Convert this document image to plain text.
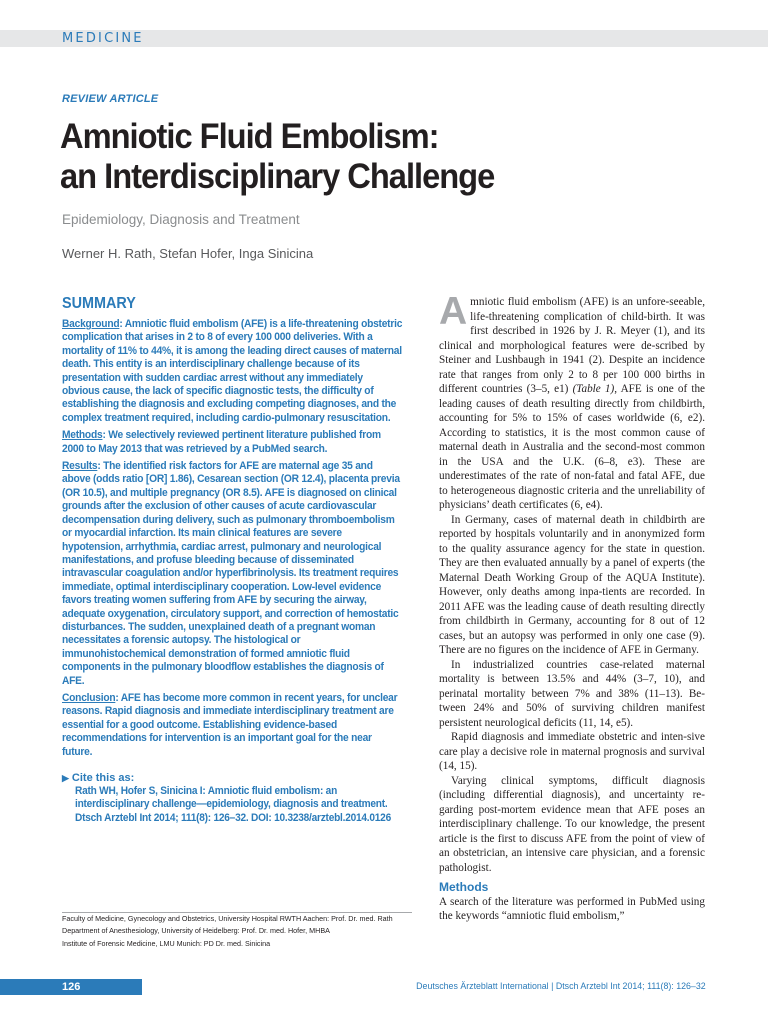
MEDICINE
REVIEW ARTICLE
Amniotic Fluid Embolism:
an Interdisciplinary Challenge
Epidemiology, Diagnosis and Treatment
Werner H. Rath, Stefan Hofer, Inga Sinicina
SUMMARY

Background: Amniotic fluid embolism (AFE) is a life-threatening obstetric complication that arises in 2 to 8 of every 100 000 deliveries. With a mortality of 11% to 44%, it is among the leading direct causes of maternal death. This entity is an interdisciplinary challenge because of its presentation with sudden cardiac arrest without any immediately obvious cause, the lack of specific diagnostic tests, the difficulty of establishing the diagnosis and excluding competing diagnoses, and the complex treatment required, including cardio-pulmonary resuscitation.

Methods: We selectively reviewed pertinent literature published from 2000 to May 2013 that was retrieved by a PubMed search.

Results: The identified risk factors for AFE are maternal age 35 and above (odds ratio [OR] 1.86), Cesarean section (OR 12.4), placenta previa (OR 10.5), and multiple pregnancy (OR 8.5). AFE is diagnosed on clinical grounds after the exclusion of other causes of acute cardiovascular decompensation during delivery, such as pulmonary thromboembolism or myocardial infarction. Its main clinical features are severe hypotension, arrhythmia, cardiac arrest, pulmonary and neurological manifestations, and profuse bleeding because of disseminated intravascular coagulation and/or hyperfibrinolysis. Its treatment requires immediate, optimal interdisciplinary cooperation. Low-level evidence favors treating women suffering from AFE by securing the airway, adequate oxygenation, circulatory support, and correction of hemostatic disturbances. The sudden, unexplained death of a pregnant woman necessitates a forensic autopsy. The histological or immunohistochemical demonstration of formed amniotic fluid components in the pulmonary bloodflow establishes the diagnosis of AFE.

Conclusion: AFE has become more common in recent years, for unclear reasons. Rapid diagnosis and immediate interdisciplinary treatment are essential for a good outcome. Establishing evidence-based recommendations for intervention is an important goal for the near future.

▶ Cite this as:
Rath WH, Hofer S, Sinicina I: Amniotic fluid embolism: an interdisciplinary challenge—epidemiology, diagnosis and treatment. Dtsch Arztebl Int 2014; 111(8): 126–32. DOI: 10.3238/arztebl.2014.0126

Faculty of Medicine, Gynecology and Obstetrics, University Hospital RWTH Aachen: Prof. Dr. med. Rath

Department of Anesthesiology, University of Heidelberg: Prof. Dr. med. Hofer, MHBA

Institute of Forensic Medicine, LMU Munich: PD Dr. med. Sinicina

Amniotic fluid embolism (AFE) is an unfore-seeable, life-threatening complication of child-birth. It was first described in 1926 by J. R. Meyer (1), and its clinical and morphological features were de-scribed by Steiner and Lushbaugh in 1941 (2). Despite an incidence rate that ranges from only 2 to 8 per 100 000 births in different countries (3–5, e1) (Table 1), AFE is one of the leading causes of death resulting directly from childbirth, accounting for 5% to 15% of cases worldwide (6, e2). According to statistics, it is the most common cause of maternal death in Australia and the second-most common in the USA and the U.K. (6–8, e3). These are underestimates of the rate of non-fatal and fatal AFE, due to heterogeneous diagnostic criteria and the unreliability of physicians’ death certificates (6, e4).

In Germany, cases of maternal death in childbirth are reported by hospitals voluntarily and in anonymized form to the quality assurance agency for the state in question. They are then evaluated annually by a panel of experts (the Maternal Death Working Group of the AQUA Institute). However, only deaths among inpa-tients are recorded. In 2011 AFE was the leading cause of death resulting directly from childbirth in Germany, accounting for 8 out of 12 cases, but an autopsy was performed in only one case (9). There are no figures on the incidence of AFE in Germany.

In industrialized countries case-related maternal mortality is between 13.5% and 44% (3–7, 10), and perinatal mortality between 7% and 38% (11–13). Be-tween 24% and 50% of surviving children manifest persistent neurological deficits (11, 14, e5).

Rapid diagnosis and immediate obstetric and inten-sive care play a decisive role in maternal prognosis and survival (14, 15).

Varying clinical symptoms, difficult diagnosis (including differential diagnosis), and uncertainty re-garding post-mortem evidence mean that AFE poses an interdisciplinary challenge. To our knowledge, the present article is the first to discuss AFE from the point of view of an obstetrician, an intensive care physician, and a forensic pathologist.

Methods

A search of the literature was performed in PubMed using the keywords “amniotic fluid embolism,”

126	Deutsches Ärzteblatt International | Dtsch Arztebl Int 2014; 111(8): 126–32
